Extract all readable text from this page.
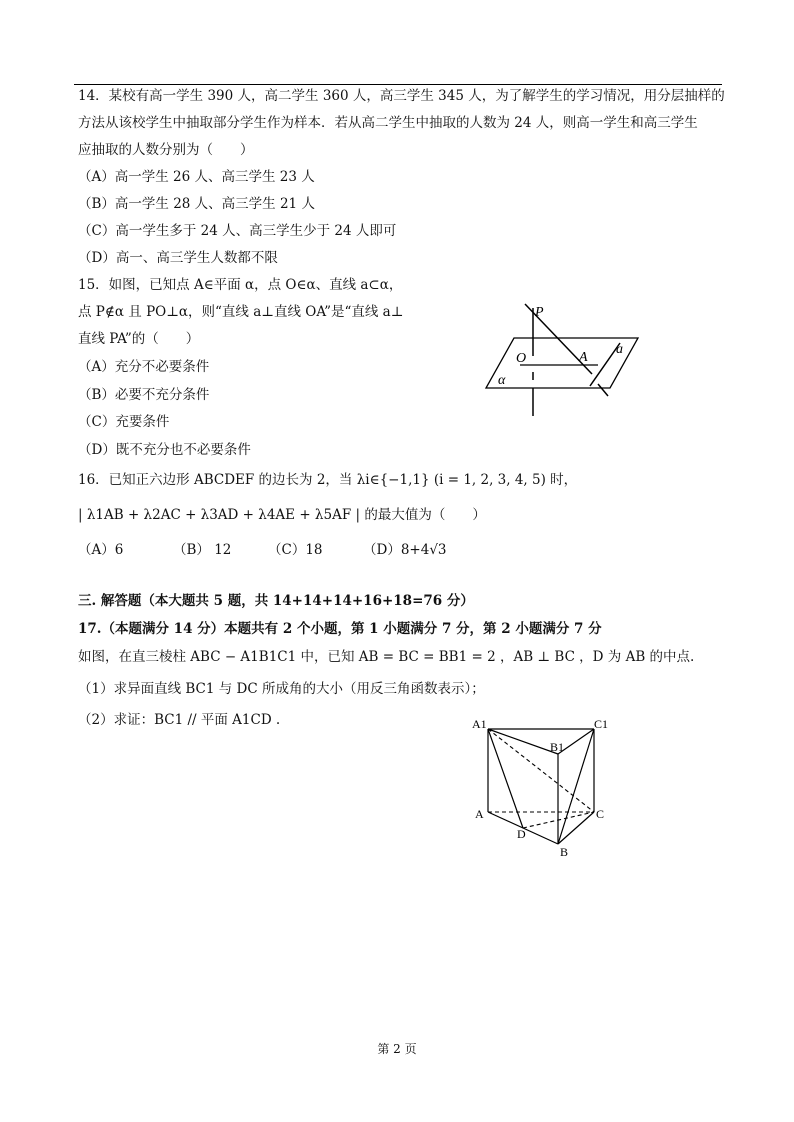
14．某校有高一学生 390 人，高二学生 360 人，高三学生 345 人，为了解学生的学习情况，用分层抽样的
方法从该校学生中抽取部分学生作为样本．若从高二学生中抽取的人数为 24 人，则高一学生和高三学生
应抽取的人数分别为（　　）
（A）高一学生 26 人、高三学生 23 人
（B）高一学生 28 人、高三学生 21 人
（C）高一学生多于 24 人、高三学生少于 24 人即可
（D）高一、高三学生人数都不限
15．如图，已知点 A∈平面 α，点 O∈α、直线 a⊂α，
点 P∉α 且 PO⊥α，则“直线 a⊥直线 OA”是“直线 a⊥
直线 PA”的（　　）
（A）充分不必要条件
（B）必要不充分条件
（C）充要条件
（D）既不充分也不必要条件
P
O	A
a
α
16．已知正六边形 ABCDEF 的边长为 2，当 λi∈{−1,1} (i = 1, 2, 3, 4, 5) 时，
| λ1AB + λ2AC + λ3AD + λ4AE + λ5AF | 的最大值为（　　）
（A）6	（B） 12	（C）18	（D）8+4√3
三. 解答题（本大题共 5 题，共 14+14+14+16+18=76 分）
17.（本题满分 14 分）本题共有 2 个小题，第 1 小题满分 7 分，第 2 小题满分 7 分
如图，在直三棱柱 ABC − A1B1C1 中，已知 AB = BC = BB1 = 2 ，AB ⊥ BC ，D 为 AB 的中点.
（1）求异面直线 BC1 与 DC 所成角的大小（用反三角函数表示）；
（2）求证：BC1 // 平面 A1CD .	A1
B1
C1
A	C
D
B
第 2 页
